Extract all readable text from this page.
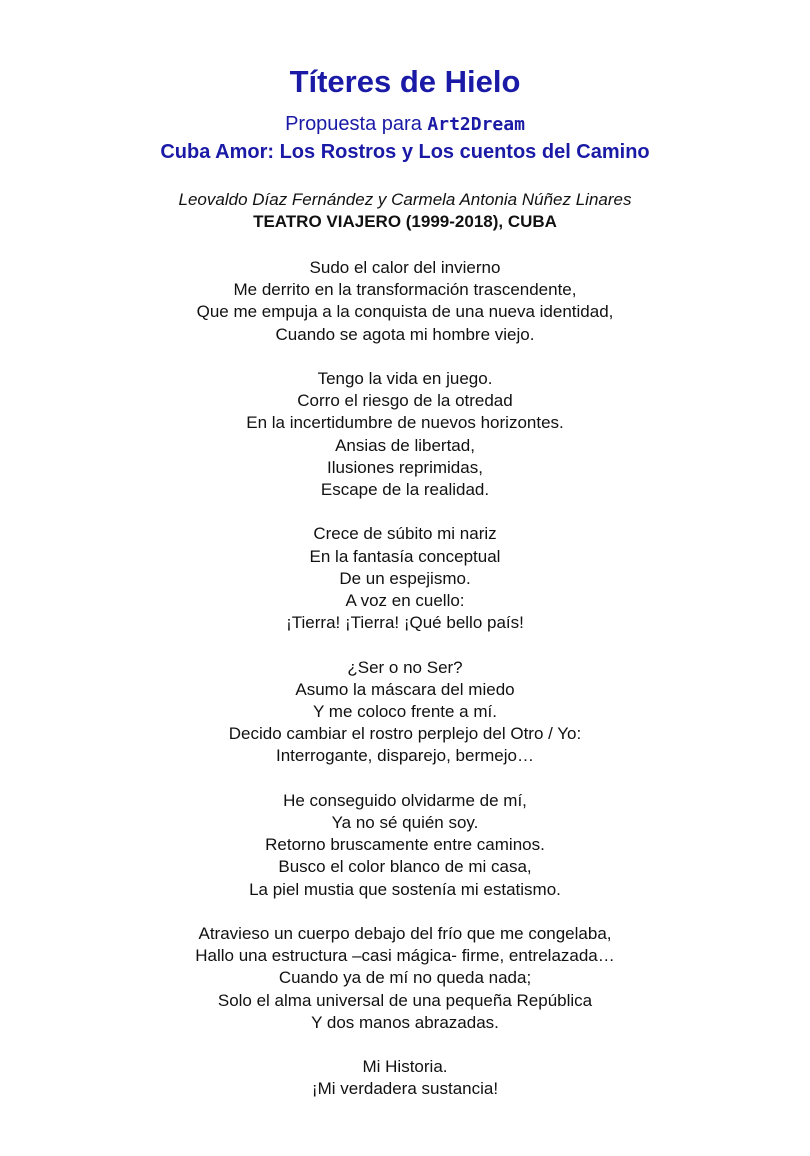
Títeres de Hielo
Propuesta para Art2Dream
Cuba Amor: Los Rostros y Los cuentos del Camino
Leovaldo Díaz Fernández y Carmela Antonia Núñez Linares
TEATRO VIAJERO (1999-2018), CUBA
Sudo el calor del invierno
Me derrito en la transformación trascendente,
Que me empuja a la conquista de una nueva identidad,
Cuando se agota mi hombre viejo.
Tengo la vida en juego.
Corro el riesgo de la otredad
En la incertidumbre de nuevos horizontes.
Ansias de libertad,
Ilusiones reprimidas,
Escape de la realidad.
Crece de súbito mi nariz
En la fantasía conceptual
De un espejismo.
A voz en cuello:
¡Tierra! ¡Tierra! ¡Qué bello país!
¿Ser o no Ser?
Asumo la máscara del miedo
Y me coloco frente a mí.
Decido cambiar el rostro perplejo del Otro / Yo:
Interrogante, disparejo, bermejo…
He conseguido olvidarme de mí,
Ya no sé quién soy.
Retorno bruscamente entre caminos.
Busco el color blanco de mi casa,
La piel mustia que sostenía mi estatismo.
Atravieso un cuerpo debajo del frío que me congelaba,
Hallo una estructura –casi mágica- firme, entrelazada…
Cuando ya de mí no queda nada;
Solo el alma universal de una pequeña República
Y dos manos abrazadas.
Mi Historia.
¡Mi verdadera sustancia!
